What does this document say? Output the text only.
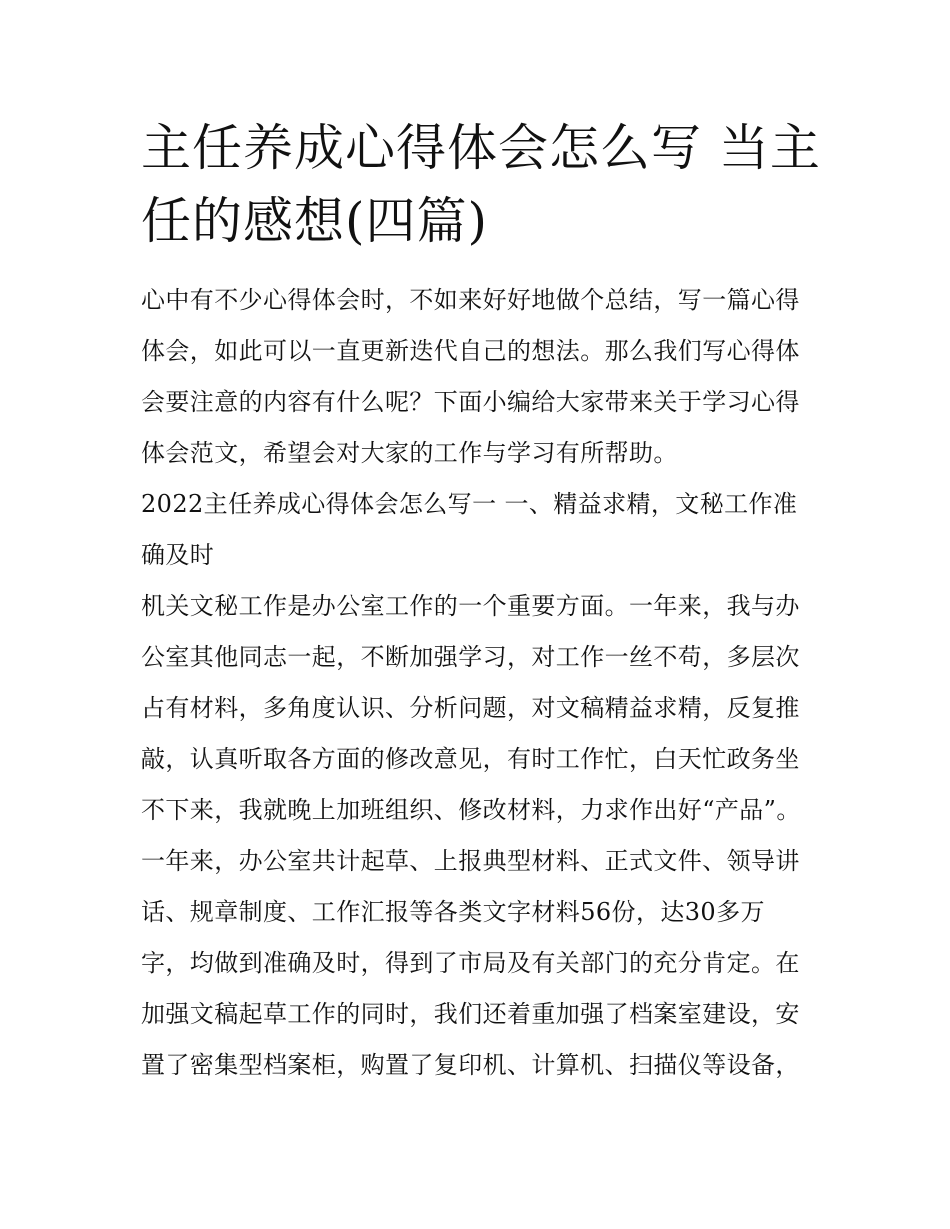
主任养成心得体会怎么写 当主任的感想(四篇)

心中有不少心得体会时，不如来好好地做个总结，写一篇心得

体会，如此可以一直更新迭代自己的想法。那么我们写心得体

会要注意的内容有什么呢？下面小编给大家带来关于学习心得

体会范文，希望会对大家的工作与学习有所帮助。

2022主任养成心得体会怎么写一 一、精益求精，文秘工作准

确及时

机关文秘工作是办公室工作的一个重要方面。一年来，我与办

公室其他同志一起，不断加强学习，对工作一丝不苟，多层次

占有材料，多角度认识、分析问题，对文稿精益求精，反复推

敲，认真听取各方面的修改意见，有时工作忙，白天忙政务坐

不下来，我就晚上加班组织、修改材料，力求作出好“产品”。

一年来，办公室共计起草、上报典型材料、正式文件、领导讲

话、规章制度、工作汇报等各类文字材料56份，达30多万

字，均做到准确及时，得到了市局及有关部门的充分肯定。在

加强文稿起草工作的同时，我们还着重加强了档案室建设，安

置了密集型档案柜，购置了复印机、计算机、扫描仪等设备，
